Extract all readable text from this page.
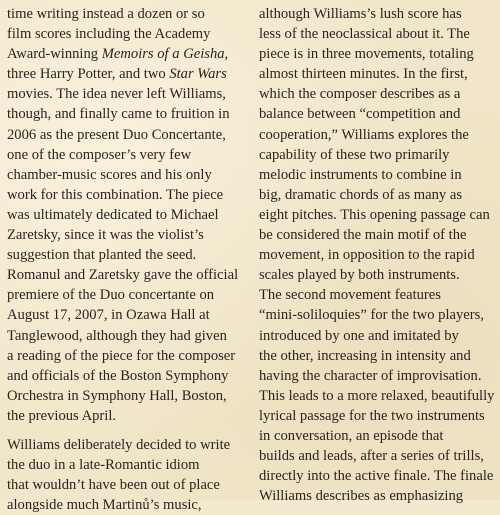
time writing instead a dozen or so
film scores including the Academy
Award-winning Memoirs of a Geisha,
three Harry Potter, and two Star Wars
movies. The idea never left Williams,
though, and finally came to fruition in
2006 as the present Duo Concertante,
one of the composer’s very few
chamber-music scores and his only
work for this combination. The piece
was ultimately dedicated to Michael
Zaretsky, since it was the violist’s
suggestion that planted the seed.
Romanul and Zaretsky gave the official
premiere of the Duo concertante on
August 17, 2007, in Ozawa Hall at
Tanglewood, although they had given
a reading of the piece for the composer
and officials of the Boston Symphony
Orchestra in Symphony Hall, Boston,
the previous April.
Williams deliberately decided to write
the duo in a late-Romantic idiom
that wouldn’t have been out of place
alongside much Martinů’s music,
although Williams’s lush score has
less of the neoclassical about it. The
piece is in three movements, totaling
almost thirteen minutes. In the first,
which the composer describes as a
balance between “competition and
cooperation,” Williams explores the
capability of these two primarily
melodic instruments to combine in
big, dramatic chords of as many as
eight pitches. This opening passage can
be considered the main motif of the
movement, in opposition to the rapid
scales played by both instruments.
The second movement features
“mini-soliloquies” for the two players,
introduced by one and imitated by
the other, increasing in intensity and
having the character of improvisation.
This leads to a more relaxed, beautifully
lyrical passage for the two instruments
in conversation, an episode that
builds and leads, after a series of trills,
directly into the active finale. The finale
Williams describes as emphasizing
